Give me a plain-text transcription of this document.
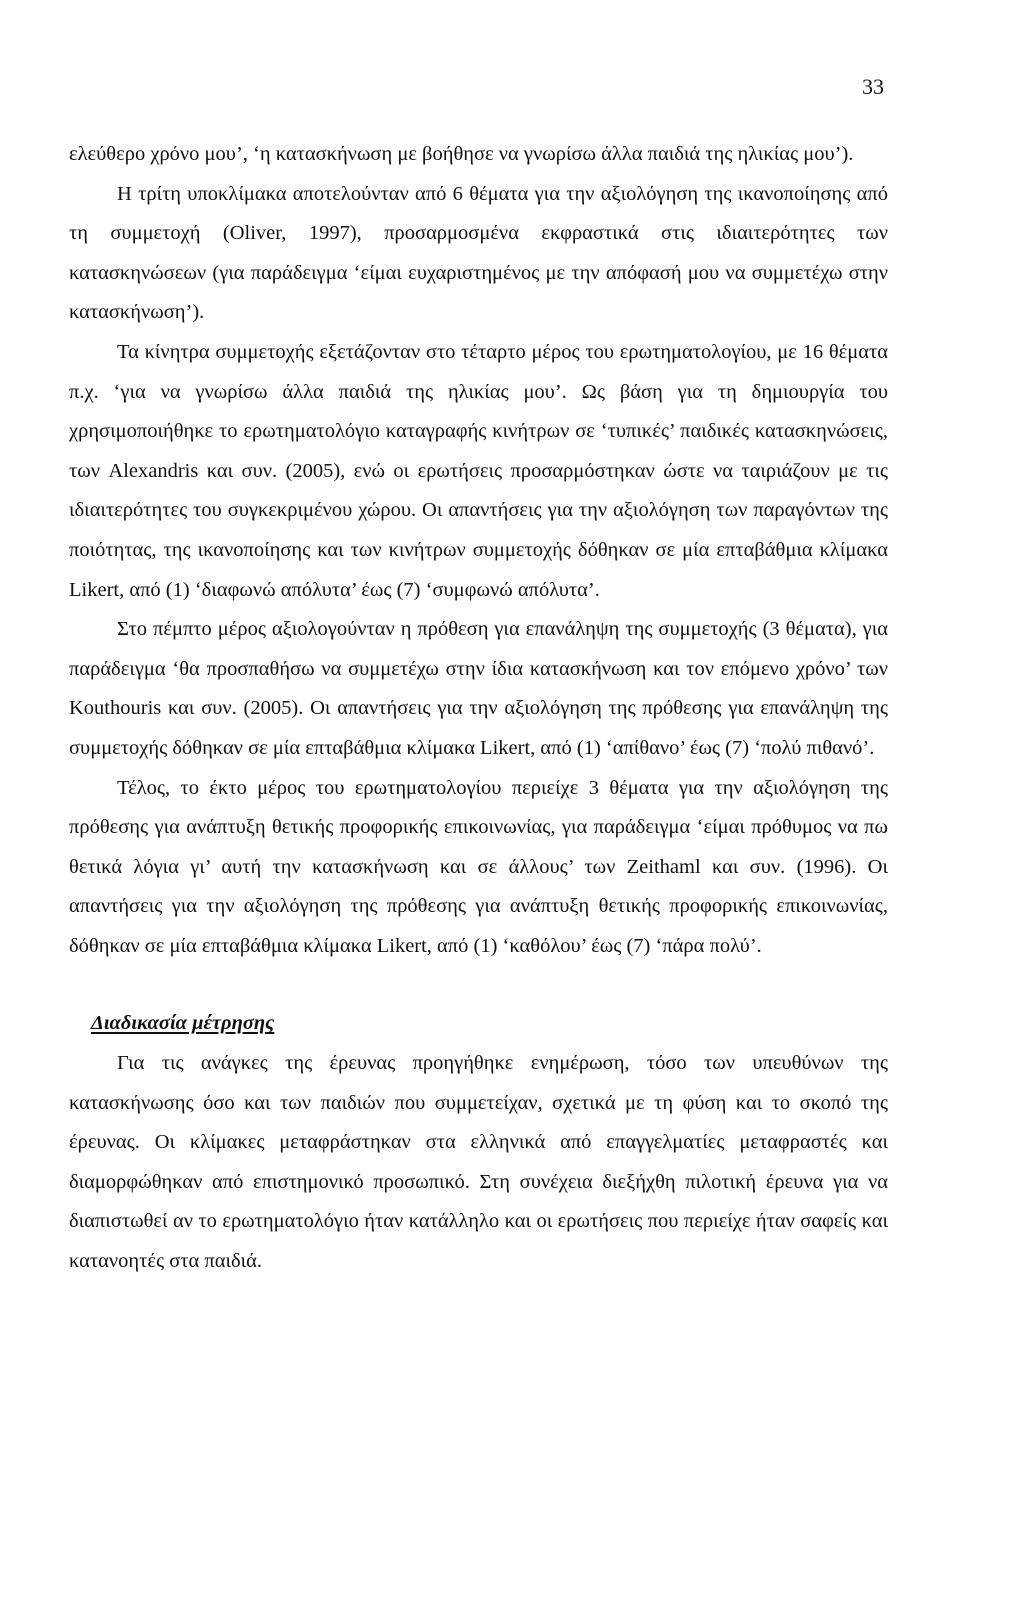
33

ελεύθερο χρόνο μου’, ‘η κατασκήνωση με βοήθησε να γνωρίσω άλλα παιδιά της ηλικίας μου’).

Η τρίτη υποκλίμακα αποτελούνταν από 6 θέματα για την αξιολόγηση της ικανοποίησης από τη συμμετοχή (Oliver, 1997), προσαρμοσμένα εκφραστικά στις ιδιαιτερότητες των κατασκηνώσεων (για παράδειγμα ‘είμαι ευχαριστημένος με την απόφασή μου να συμμετέχω στην κατασκήνωση’).

Τα κίνητρα συμμετοχής εξετάζονταν στο τέταρτο μέρος του ερωτηματολογίου, με 16 θέματα π.χ. ‘για να γνωρίσω άλλα παιδιά της ηλικίας μου’. Ως βάση για τη δημιουργία του χρησιμοποιήθηκε το ερωτηματολόγιο καταγραφής κινήτρων σε ‘τυπικές’ παιδικές κατασκηνώσεις, των Alexandris και συν. (2005), ενώ οι ερωτήσεις προσαρμόστηκαν ώστε να ταιριάζουν με τις ιδιαιτερότητες του συγκεκριμένου χώρου. Οι απαντήσεις για την αξιολόγηση των παραγόντων της ποιότητας, της ικανοποίησης και των κινήτρων συμμετοχής δόθηκαν σε μία επταβάθμια κλίμακα Likert, από (1) ‘διαφωνώ απόλυτα’ έως (7) ‘συμφωνώ απόλυτα’.

Στο πέμπτο μέρος αξιολογούνταν η πρόθεση για επανάληψη της συμμετοχής (3 θέματα), για παράδειγμα ‘θα προσπαθήσω να συμμετέχω στην ίδια κατασκήνωση και τον επόμενο χρόνο’ των Kouthouris και συν. (2005). Οι απαντήσεις για την αξιολόγηση της πρόθεσης για επανάληψη της συμμετοχής δόθηκαν σε μία επταβάθμια κλίμακα Likert, από (1) ‘απίθανο’ έως (7) ‘πολύ πιθανό’.

Τέλος, το έκτο μέρος του ερωτηματολογίου περιείχε 3 θέματα για την αξιολόγηση της πρόθεσης για ανάπτυξη θετικής προφορικής επικοινωνίας, για παράδειγμα ‘είμαι πρόθυμος να πω θετικά λόγια γι’ αυτή την κατασκήνωση και σε άλλους’ των Zeithaml και συν. (1996). Οι απαντήσεις για την αξιολόγηση της πρόθεσης για ανάπτυξη θετικής προφορικής επικοινωνίας, δόθηκαν σε μία επταβάθμια κλίμακα Likert, από (1) ‘καθόλου’ έως (7) ‘πάρα πολύ’.

Διαδικασία μέτρησης

Για τις ανάγκες της έρευνας προηγήθηκε ενημέρωση, τόσο των υπευθύνων της κατασκήνωσης όσο και των παιδιών που συμμετείχαν, σχετικά με τη φύση και το σκοπό της έρευνας. Οι κλίμακες μεταφράστηκαν στα ελληνικά από επαγγελματίες μεταφραστές και διαμορφώθηκαν από επιστημονικό προσωπικό. Στη συνέχεια διεξήχθη πιλοτική έρευνα για να διαπιστωθεί αν το ερωτηματολόγιο ήταν κατάλληλο και οι ερωτήσεις που περιείχε ήταν σαφείς και κατανοητές στα παιδιά.
